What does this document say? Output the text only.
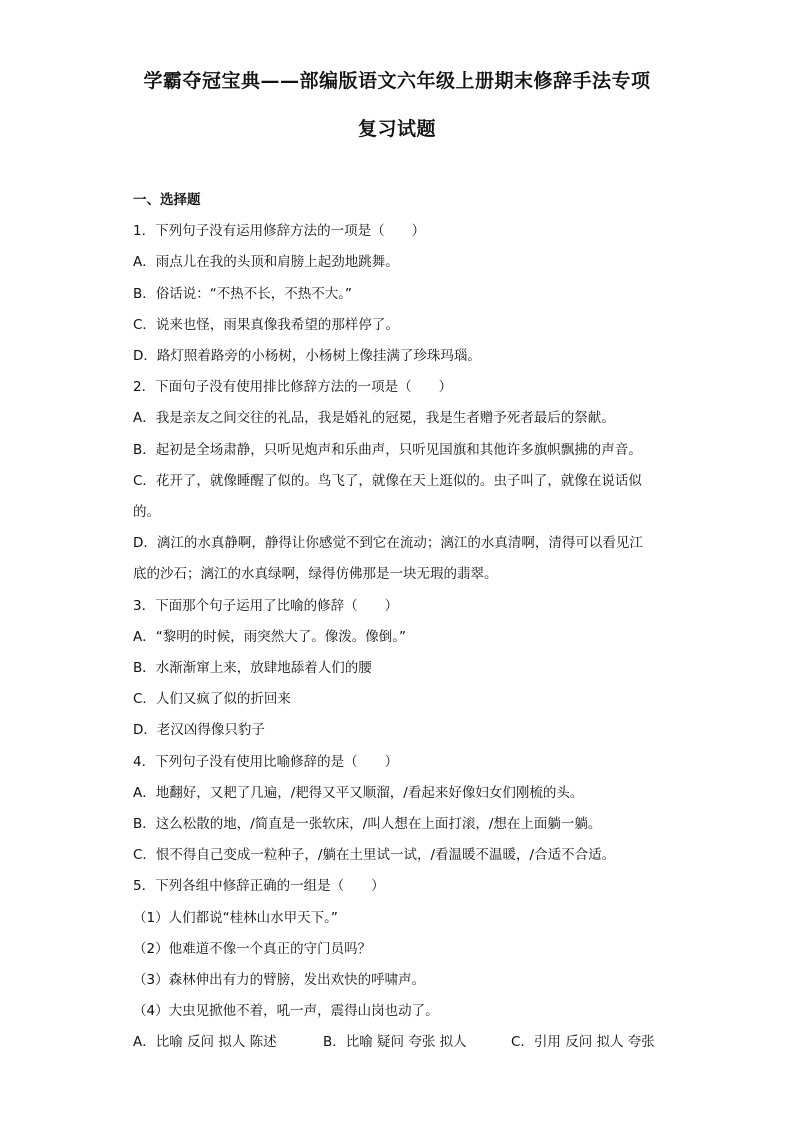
学霸夺冠宝典——部编版语文六年级上册期末修辞手法专项
复习试题
一、选择题
1．下列句子没有运用修辞方法的一项是（　　）
A．雨点儿在我的头顶和肩膀上起劲地跳舞。
B．俗话说：“不热不长，不热不大。”
C．说来也怪，雨果真像我希望的那样停了。
D．路灯照着路旁的小杨树，小杨树上像挂满了珍珠玛瑙。
2．下面句子没有使用排比修辞方法的一项是（　　）
A．我是亲友之间交往的礼品，我是婚礼的冠冕，我是生者赠予死者最后的祭献。
B．起初是全场肃静，只听见炮声和乐曲声，只听见国旗和其他许多旗帜飘拂的声音。
C．花开了，就像睡醒了似的。鸟飞了，就像在天上逛似的。虫子叫了，就像在说话似
的。
D．漓江的水真静啊，静得让你感觉不到它在流动；漓江的水真清啊，清得可以看见江
底的沙石；漓江的水真绿啊，绿得仿佛那是一块无瑕的翡翠。
3．下面那个句子运用了比喻的修辞（　　）
A．“黎明的时候，雨突然大了。像泼。像倒。”
B．水渐渐窜上来，放肆地舔着人们的腰
C．人们又疯了似的折回来
D．老汉凶得像只豹子
4．下列句子没有使用比喻修辞的是（　　）
A．地翻好，又耙了几遍，/耙得又平又顺溜，/看起来好像妇女们刚梳的头。
B．这么松散的地，/简直是一张软床，/叫人想在上面打滚，/想在上面躺一躺。
C．恨不得自己变成一粒种子，/躺在土里试一试，/看温暖不温暖，/合适不合适。
5．下列各组中修辞正确的一组是（　　）
（1）人们都说“桂林山水甲天下。”
（2）他难道不像一个真正的守门员吗？
（3）森林伸出有力的臂膀，发出欢快的呼啸声。
（4）大虫见掀他不着，吼一声，震得山岗也动了。
A．比喻 反问 拟人 陈述	B．比喻 疑问 夸张 拟人	C．引用 反问 拟人 夸张
